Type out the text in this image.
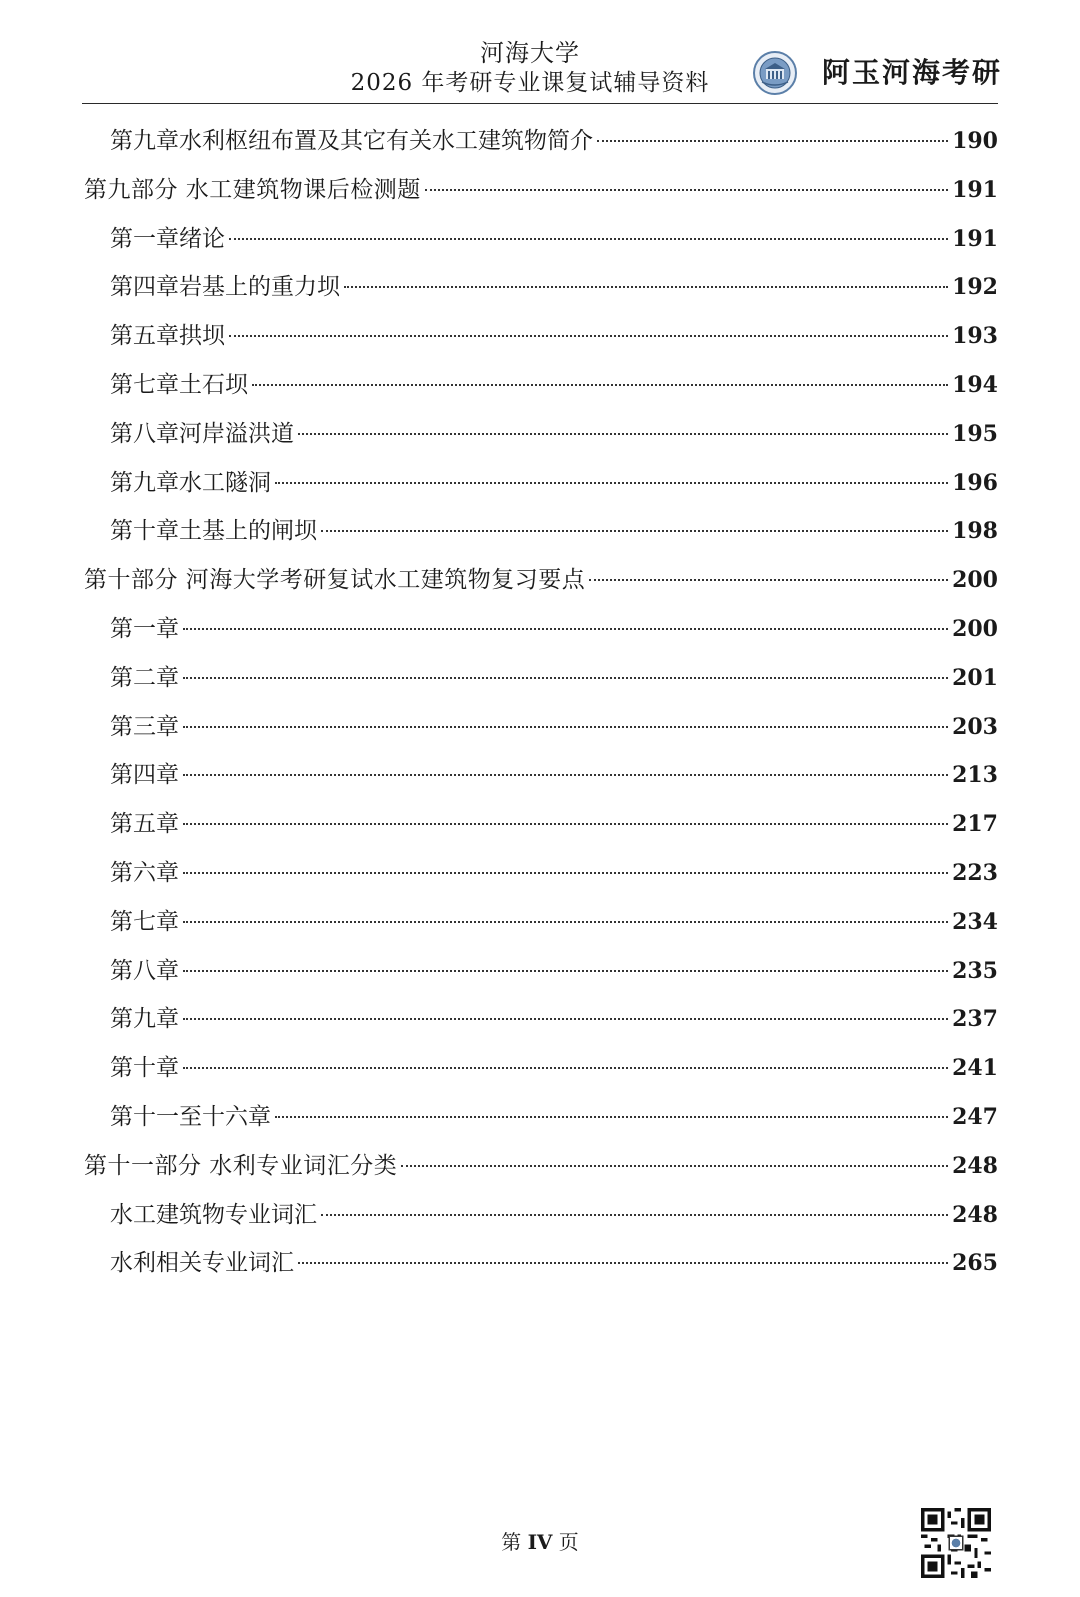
河海大学
2026 年考研专业课复试辅导资料	阿玉河海考研
第九章水利枢纽布置及其它有关水工建筑物简介	190
第九部分 水工建筑物课后检测题	191
第一章绪论	191
第四章岩基上的重力坝	192
第五章拱坝	193
第七章土石坝	194
第八章河岸溢洪道	195
第九章水工隧洞	196
第十章土基上的闸坝	198
第十部分 河海大学考研复试水工建筑物复习要点	200
第一章	200
第二章	201
第三章	203
第四章	213
第五章	217
第六章	223
第七章	234
第八章	235
第九章	237
第十章	241
第十一至十六章	247
第十一部分 水利专业词汇分类	248
水工建筑物专业词汇	248
水利相关专业词汇	265
第 IV 页
